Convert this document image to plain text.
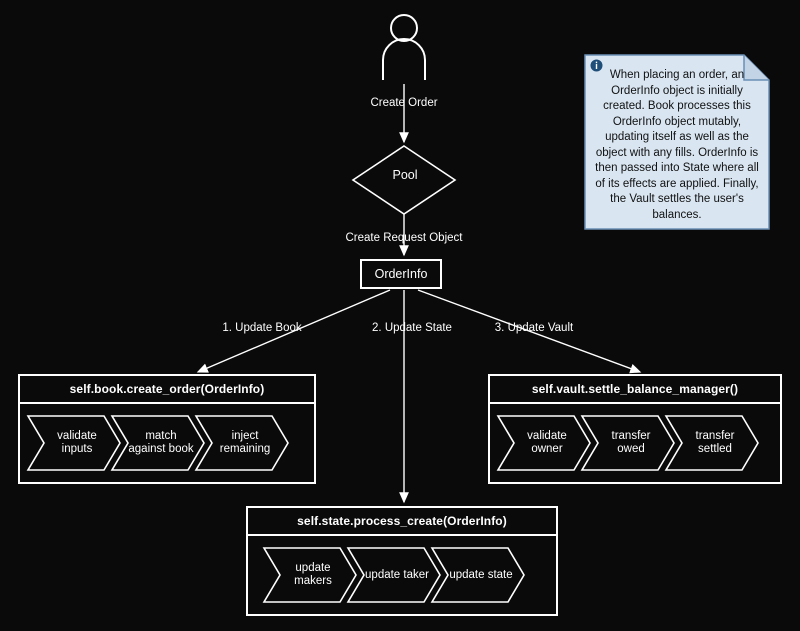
Create Order
Create Request Object
1. Update Book	2. Update State	3. Update Vault
Pool
OrderInfo
When placing an order, an OrderInfo object is initially created. Book processes this OrderInfo object mutably, updating itself as well as the object with any fills. OrderInfo is then passed into State where all of its effects are applied. Finally, the Vault settles the user's balances.
self.book.create_order(OrderInfo)
validate inputs
match against book
inject remaining
self.vault.settle_balance_manager()
validate owner
transfer owed
transfer settled
self.state.process_create(OrderInfo)
update makers
update taker	update state
